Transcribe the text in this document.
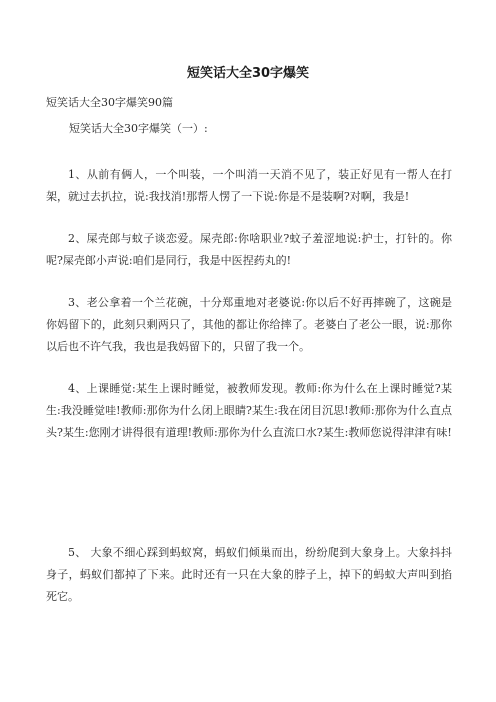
短笑话大全30字爆笑
短笑话大全30字爆笑90篇
短笑话大全30字爆笑（一）:

1、从前有俩人，一个叫装，一个叫消一天消不见了，装正好见有一帮人在打架，就过去扒拉，说:我找消!那帮人愣了一下说:你是不是装啊?对啊，我是!

2、屎壳郎与蚊子谈恋爱。屎壳郎:你啥职业?蚊子羞涩地说:护士，打针的。你呢?屎壳郎小声说:咱们是同行，我是中医捏药丸的!

3、老公拿着一个兰花碗，十分郑重地对老婆说:你以后不好再摔碗了，这碗是你妈留下的，此刻只剩两只了，其他的都让你给摔了。老婆白了老公一眼，说:那你以后也不许气我，我也是我妈留下的，只留了我一个。

4、上课睡觉:某生上课时睡觉，被教师发现。教师:你为什么在上课时睡觉?某生:我没睡觉哇!教师:那你为什么闭上眼睛?某生:我在闭目沉思!教师:那你为什么直点头?某生:您刚才讲得很有道理!教师:那你为什么直流口水?某生:教师您说得津津有味!

5、 大象不细心踩到蚂蚁窝，蚂蚁们倾巢而出，纷纷爬到大象身上。大象抖抖身子，蚂蚁们都掉了下来。此时还有一只在大象的脖子上，掉下的蚂蚁大声叫到掐死它。
